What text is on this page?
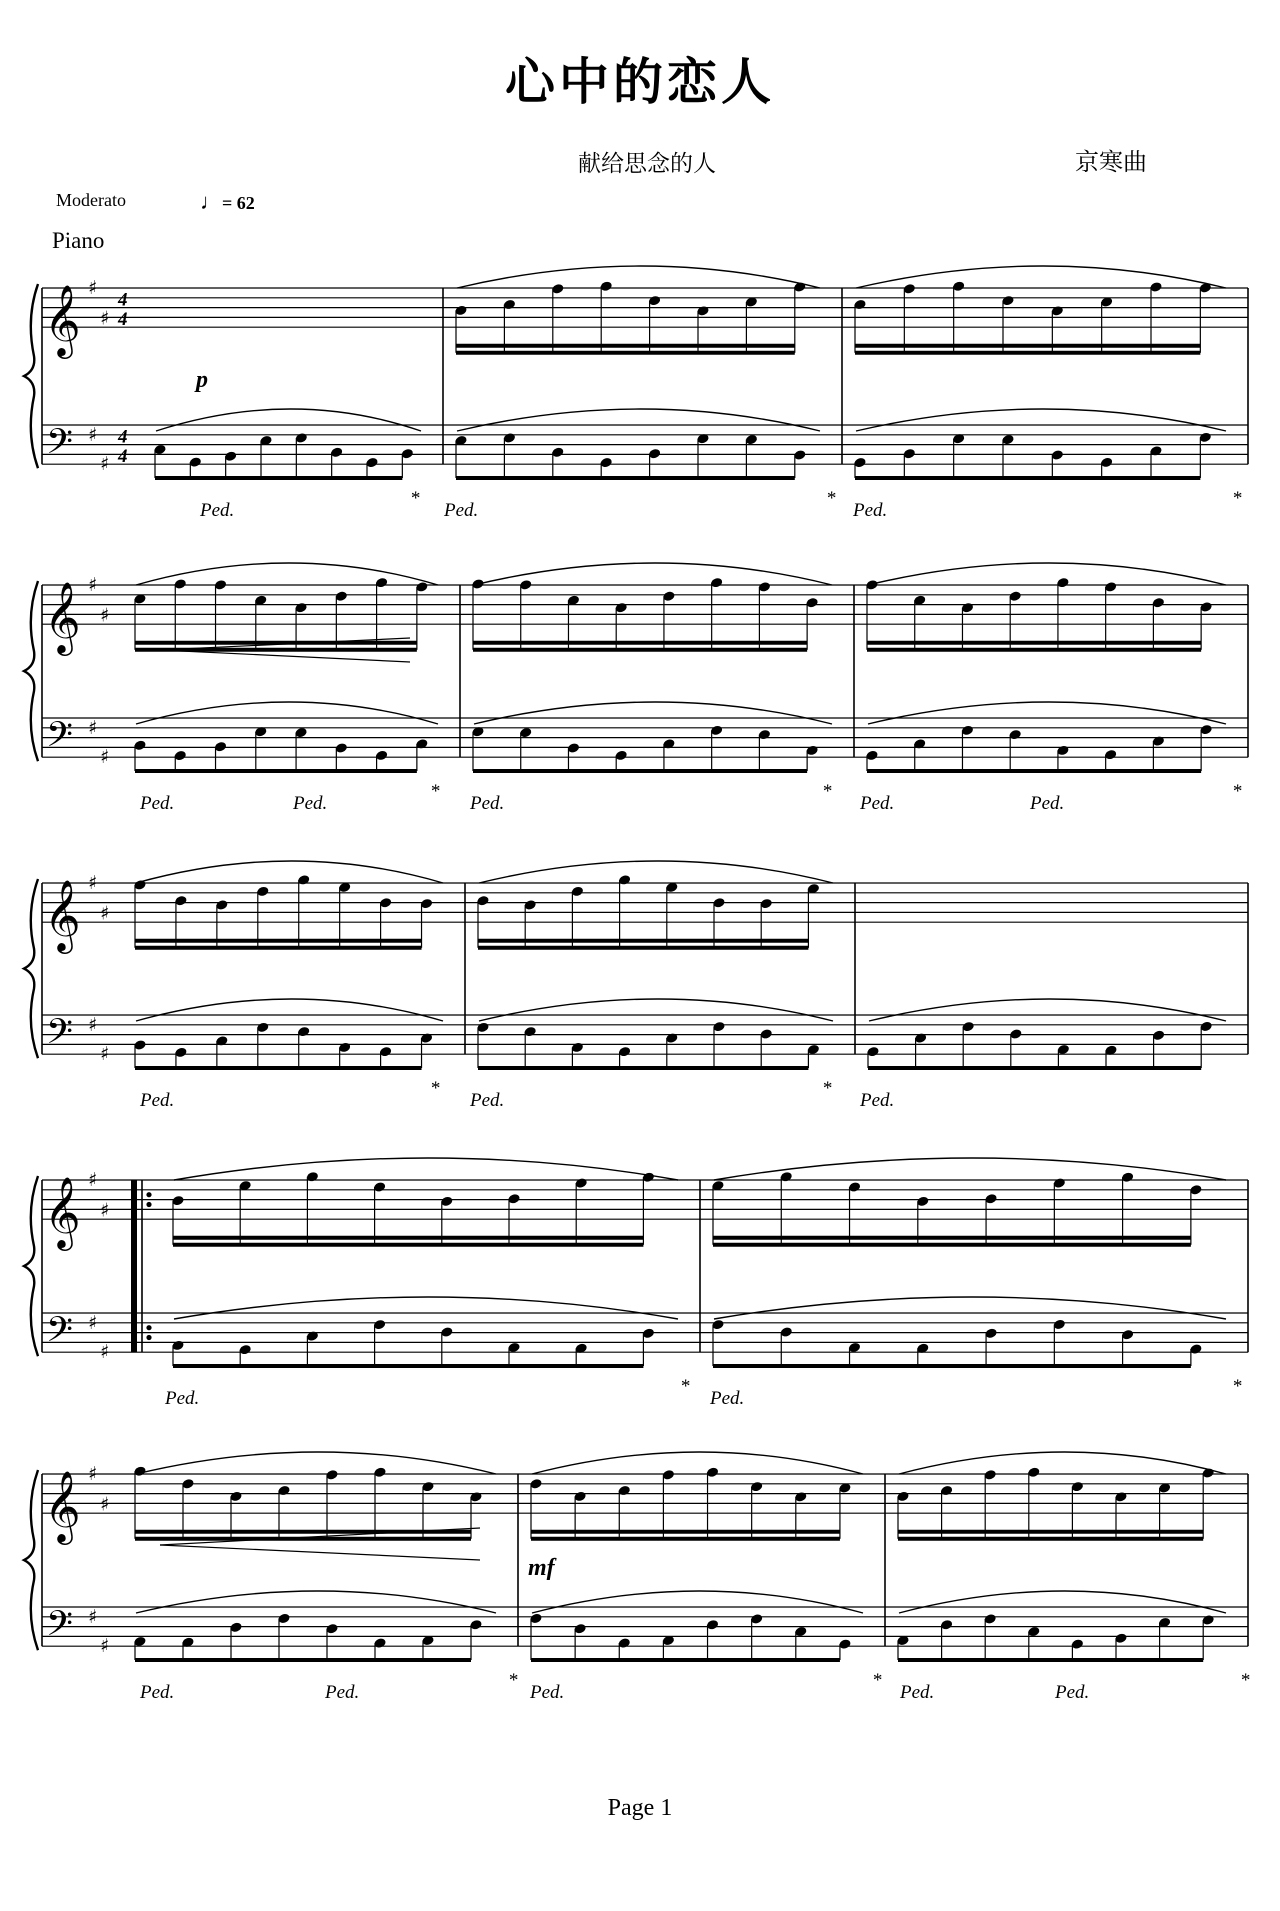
心中的恋人
献给思念的人	京寒曲
Moderato	♩= 62
Piano
Page 1
𝄞
𝄢
♯
♯
♯
♯
4
4
4
4
Ped.
*
Ped.
*
Ped.
*
𝄞
𝄢
♯
♯
♯
♯
Ped.	Ped.
*
Ped.
*
Ped.	Ped.
*
𝄞
𝄢
♯
♯
♯
♯
Ped.
*
Ped.
*
Ped.
𝄞
𝄢
♯
♯
♯
♯
Ped.
*
Ped.
*
𝄞
𝄢
♯
♯
♯
♯
Ped.	Ped.
*
Ped.
*
Ped.	Ped.
*
𝄽
p
mf
